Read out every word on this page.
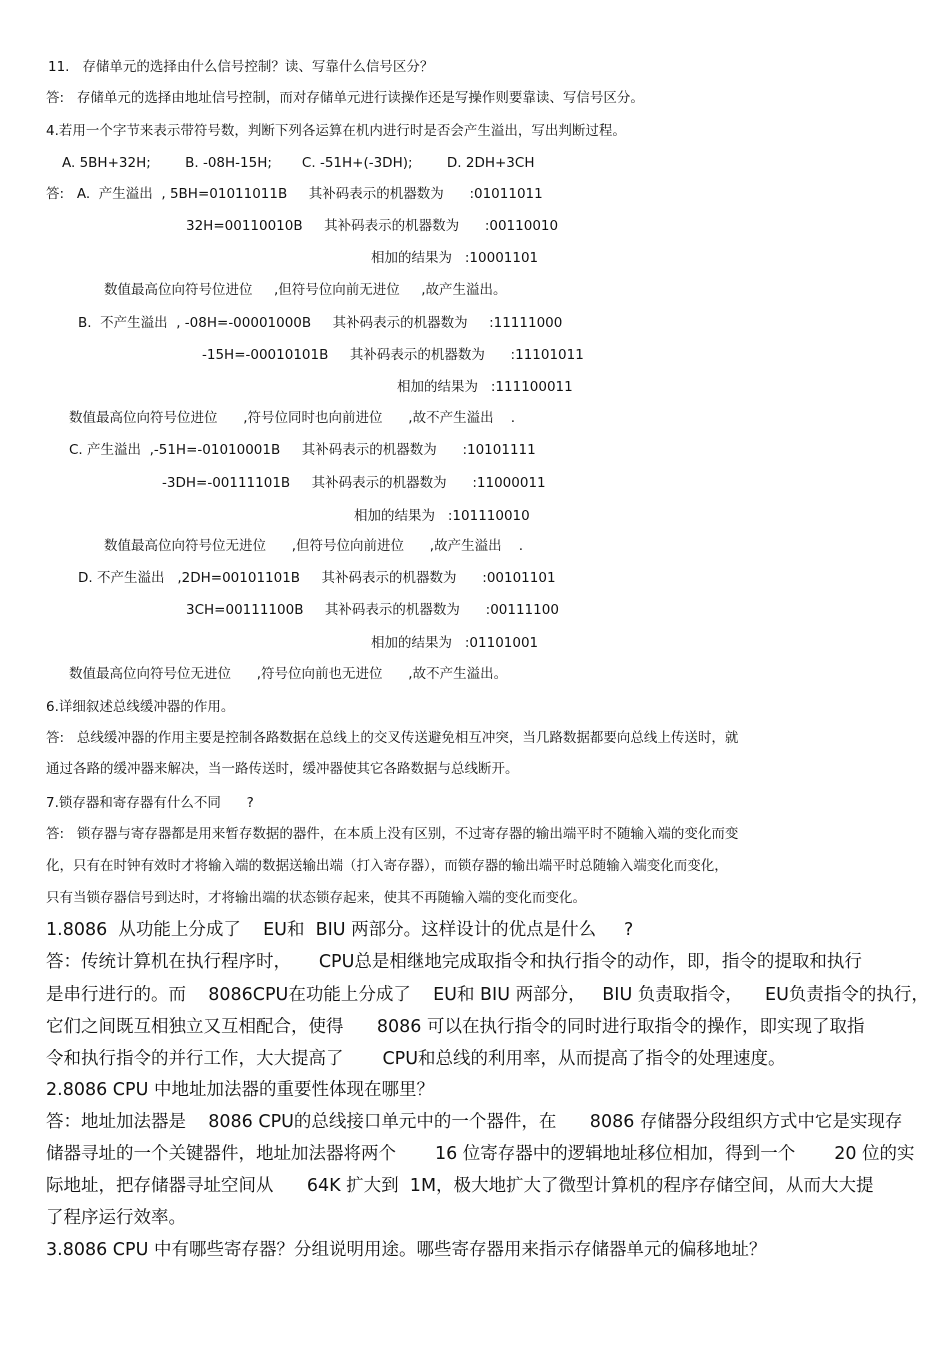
11.   存储单元的选择由什么信号控制？读、写靠什么信号区分？
答:   存储单元的选择由地址信号控制，而对存储单元进行读操作还是写操作则要靠读、写信号区分。
4.若用一个字节来表示带符号数，判断下列各运算在机内进行时是否会产生溢出，写出判断过程。
A. 5BH+32H;        B. -08H-15H;       C. -51H+(-3DH);        D. 2DH+3CH
答:   A.  产生溢出  , 5BH=01011011B     其补码表示的机器数为      :01011011
32H=00110010B     其补码表示的机器数为      :00110010
相加的结果为   :10001101
数值最高位向符号位进位     ,但符号位向前无进位     ,故产生溢出。
B.  不产生溢出  , -08H=-00001000B     其补码表示的机器数为     :11111000
-15H=-00010101B     其补码表示的机器数为      :11101011
相加的结果为   :111100011
数值最高位向符号位进位      ,符号位同时也向前进位      ,故不产生溢出    .
C. 产生溢出  ,-51H=-01010001B     其补码表示的机器数为      :10101111
-3DH=-00111101B     其补码表示的机器数为      :11000011
相加的结果为   :101110010
数值最高位向符号位无进位      ,但符号位向前进位      ,故产生溢出    .
D. 不产生溢出   ,2DH=00101101B     其补码表示的机器数为      :00101101
3CH=00111100B     其补码表示的机器数为      :00111100
相加的结果为   :01101001
数值最高位向符号位无进位      ,符号位向前也无进位      ,故不产生溢出。
6.详细叙述总线缓冲器的作用。
答:   总线缓冲器的作用主要是控制各路数据在总线上的交叉传送避免相互冲突，当几路数据都要向总线上传送时，就
通过各路的缓冲器来解决，当一路传送时，缓冲器使其它各路数据与总线断开。
7.锁存器和寄存器有什么不同      ?
答:   锁存器与寄存器都是用来暂存数据的器件，在本质上没有区别，不过寄存器的输出端平时不随输入端的变化而变
化，只有在时钟有效时才将输入端的数据送输出端（打入寄存器），而锁存器的输出端平时总随输入端变化而变化，
只有当锁存器信号到达时，才将输出端的状态锁存起来，使其不再随输入端的变化而变化。
1.8086  从功能上分成了    EU和  BIU 两部分。这样设计的优点是什么     ?
答：传统计算机在执行程序时，     CPU总是相继地完成取指令和执行指令的动作，即，指令的提取和执行
是串行进行的。而    8086CPU在功能上分成了    EU和 BIU 两部分，   BIU 负责取指令，    EU负责指令的执行，
它们之间既互相独立又互相配合，使得      8086 可以在执行指令的同时进行取指令的操作，即实现了取指
令和执行指令的并行工作，大大提高了       CPU和总线的利用率，从而提高了指令的处理速度。
2.8086 CPU 中地址加法器的重要性体现在哪里？
答：地址加法器是    8086 CPU的总线接口单元中的一个器件，在      8086 存储器分段组织方式中它是实现存
储器寻址的一个关键器件，地址加法器将两个       16 位寄存器中的逻辑地址移位相加，得到一个       20 位的实
际地址，把存储器寻址空间从      64K 扩大到  1M，极大地扩大了微型计算机的程序存储空间，从而大大提
了程序运行效率。
3.8086 CPU 中有哪些寄存器？分组说明用途。哪些寄存器用来指示存储器单元的偏移地址？
